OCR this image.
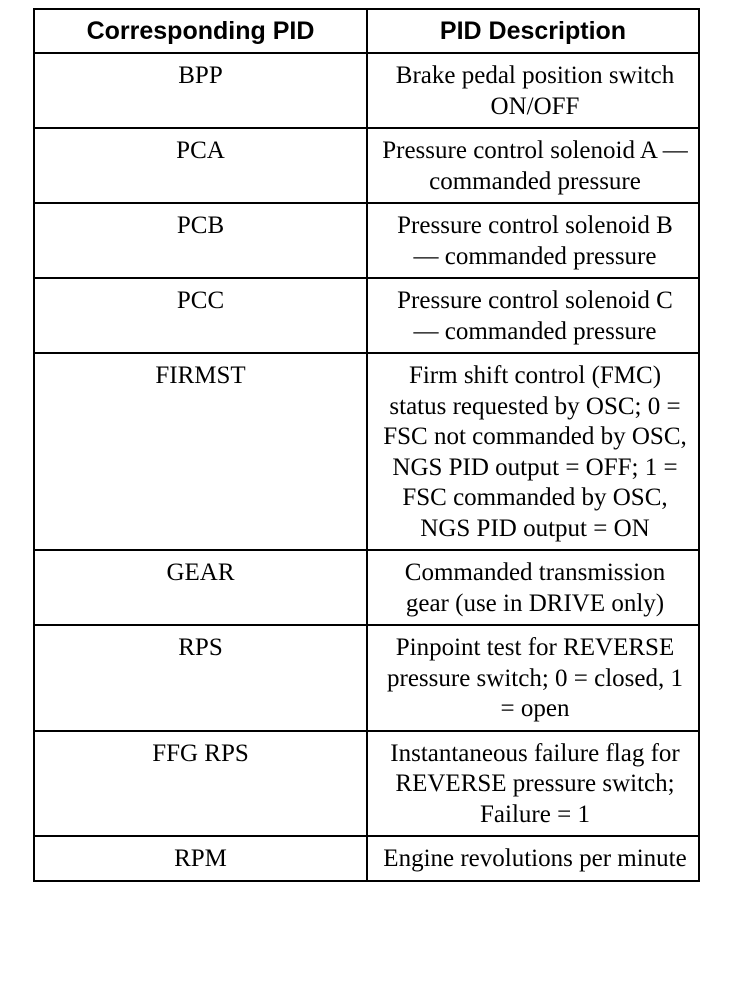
Corresponding PID	PID Description
BPP	Brake pedal position switch ON/OFF
PCA	Pressure control solenoid A — commanded pressure
PCB	Pressure control solenoid B — commanded pressure
PCC	Pressure control solenoid C — commanded pressure
FIRMST	Firm shift control (FMC) status requested by OSC; 0 = FSC not commanded by OSC, NGS PID output = OFF; 1 = FSC commanded by OSC, NGS PID output = ON
GEAR	Commanded transmission gear (use in DRIVE only)
RPS	Pinpoint test for REVERSE pressure switch; 0 = closed, 1 = open
FFG RPS	Instantaneous failure flag for REVERSE pressure switch; Failure = 1
RPM	Engine revolutions per minute
